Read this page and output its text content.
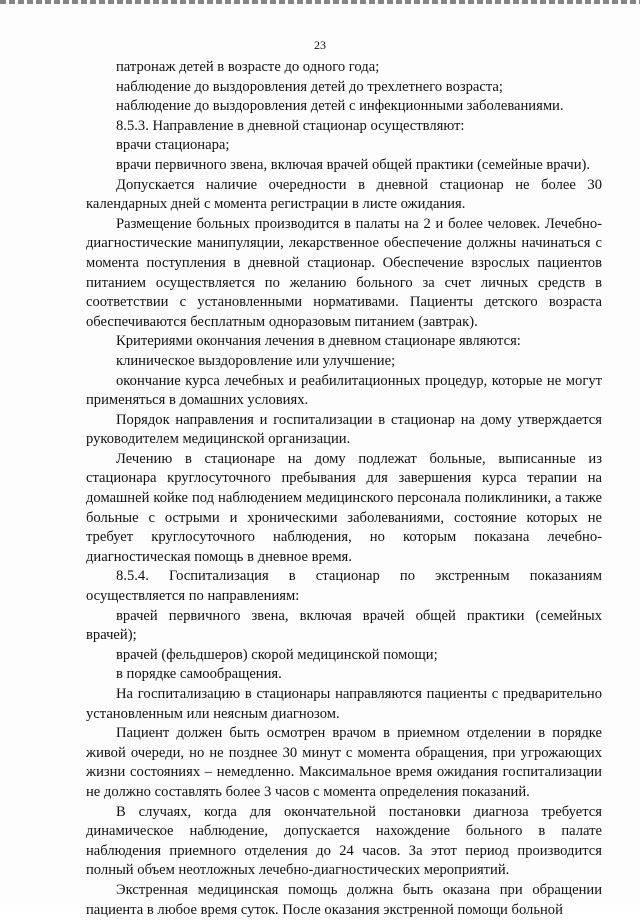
23

патронаж детей в возрасте до одного года;

наблюдение до выздоровления детей до трехлетнего возраста;

наблюдение до выздоровления детей с инфекционными заболеваниями.

8.5.3. Направление в дневной стационар осуществляют:

врачи стационара;

врачи первичного звена, включая врачей общей практики (семейные врачи).

Допускается наличие очередности в дневной стационар не более 30 календарных дней с момента регистрации в листе ожидания.

Размещение больных производится в палаты на 2 и более человек. Лечебно-диагностические манипуляции, лекарственное обеспечение должны начинаться с момента поступления в дневной стационар. Обеспечение взрослых пациентов питанием осуществляется по желанию больного за счет личных средств в соответствии с установленными нормативами. Пациенты детского возраста обеспечиваются бесплатным одноразовым питанием (завтрак).

Критериями окончания лечения в дневном стационаре являются:

клиническое выздоровление или улучшение;

окончание курса лечебных и реабилитационных процедур, которые не могут применяться в домашних условиях.

Порядок направления и госпитализации в стационар на дому утверждается руководителем медицинской организации.

Лечению в стационаре на дому подлежат больные, выписанные из стационара круглосуточного пребывания для завершения курса терапии на домашней койке под наблюдением медицинского персонала поликлиники, а также больные с острыми и хроническими заболеваниями, состояние которых не требует круглосуточного наблюдения, но которым показана лечебно-диагностическая помощь в дневное время.

8.5.4. Госпитализация в стационар по экстренным показаниям осуществляется по направлениям:

врачей первичного звена, включая врачей общей практики (семейных врачей);

врачей (фельдшеров) скорой медицинской помощи;

в порядке самообращения.

На госпитализацию в стационары направляются пациенты с предварительно установленным или неясным диагнозом.

Пациент должен быть осмотрен врачом в приемном отделении в порядке живой очереди, но не позднее 30 минут с момента обращения, при угрожающих жизни состояниях – немедленно. Максимальное время ожидания госпитализации не должно составлять более 3 часов с момента определения показаний.

В случаях, когда для окончательной постановки диагноза требуется динамическое наблюдение, допускается нахождение больного в палате наблюдения приемного отделения до 24 часов. За этот период производится полный объем неотложных лечебно-диагностических мероприятий.

Экстренная медицинская помощь должна быть оказана при обращении пациента в любое время суток. После оказания экстренной помощи больной
